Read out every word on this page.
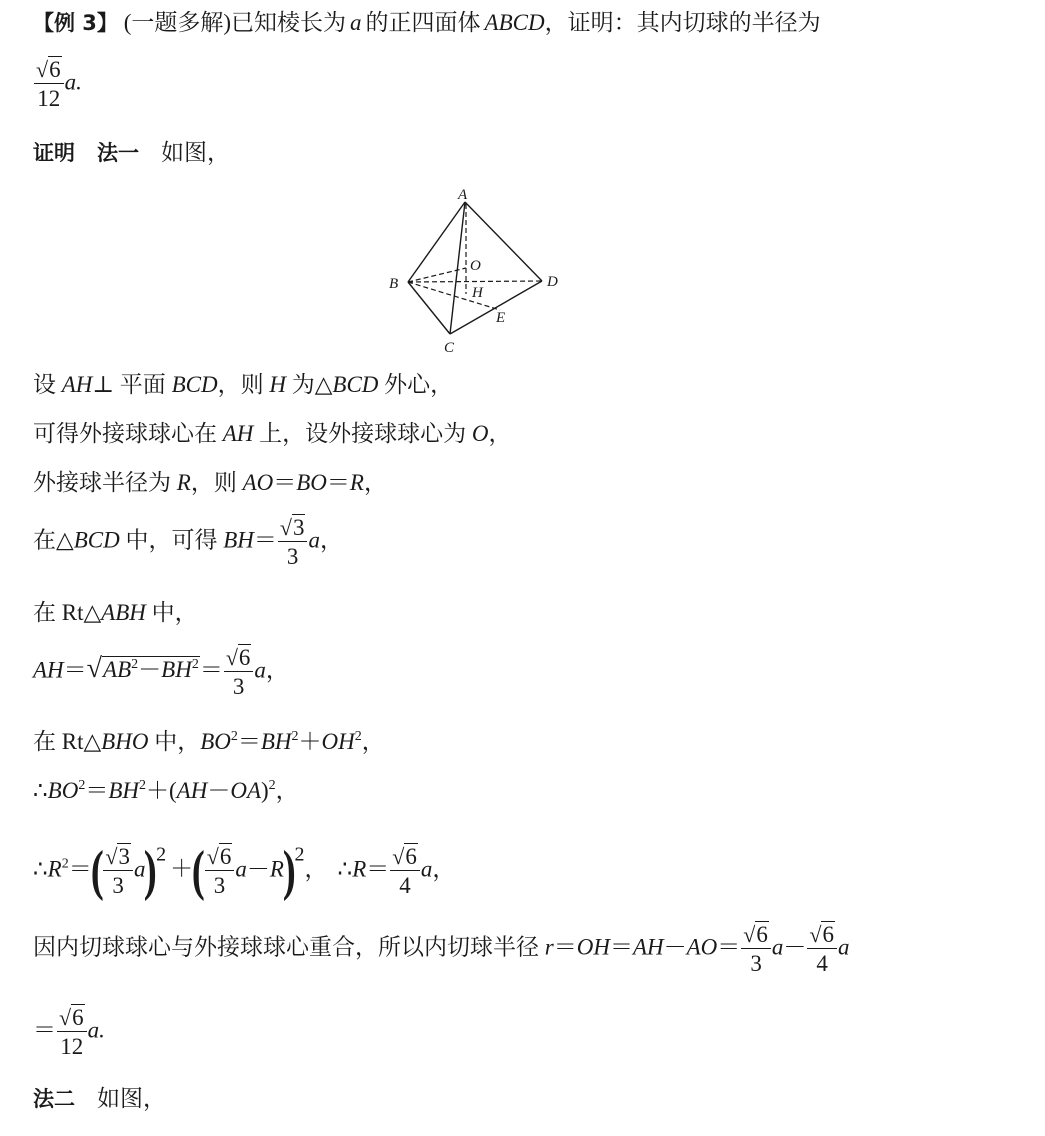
【例 3】 (一题多解)已知棱长为 a 的正四面体 ABCD，证明：其内切球的半径为
$\frac{√6}{12} a$.
证明 法一 如图，
A
B
C
D
O
H
E
设 AH⊥ 平面 BCD，则 H 为△BCD 外心，
可得外接球球心在 AH 上，设外接球球心为 O，
外接球半径为 R，则 AO＝BO＝R，
在△BCD 中，可得 $BH= \frac{√3}{3}$ a，
在 Rt△ABH 中，
$AH=√AB^2-BH^2= \frac{√6}{3}$ a，
在 Rt△BHO 中，$BO^2=BH^2+OH^2$，
$\therefore BO^2=BH^2+(AH-OA)^2$，
$\therefore R^2=( \frac{√3}{3} a)^2+( \frac{√6}{3} a-R)^2$， ∴R＝ $\frac{√6}{4}$ a，
因内切球球心与外接球球心重合，所以内切球半径 $r=OH=AH-AO= \frac{√6}{3} a- \frac{√6}{4}$ a
＝ $\frac{√6}{12} a$.
法二 如图，
